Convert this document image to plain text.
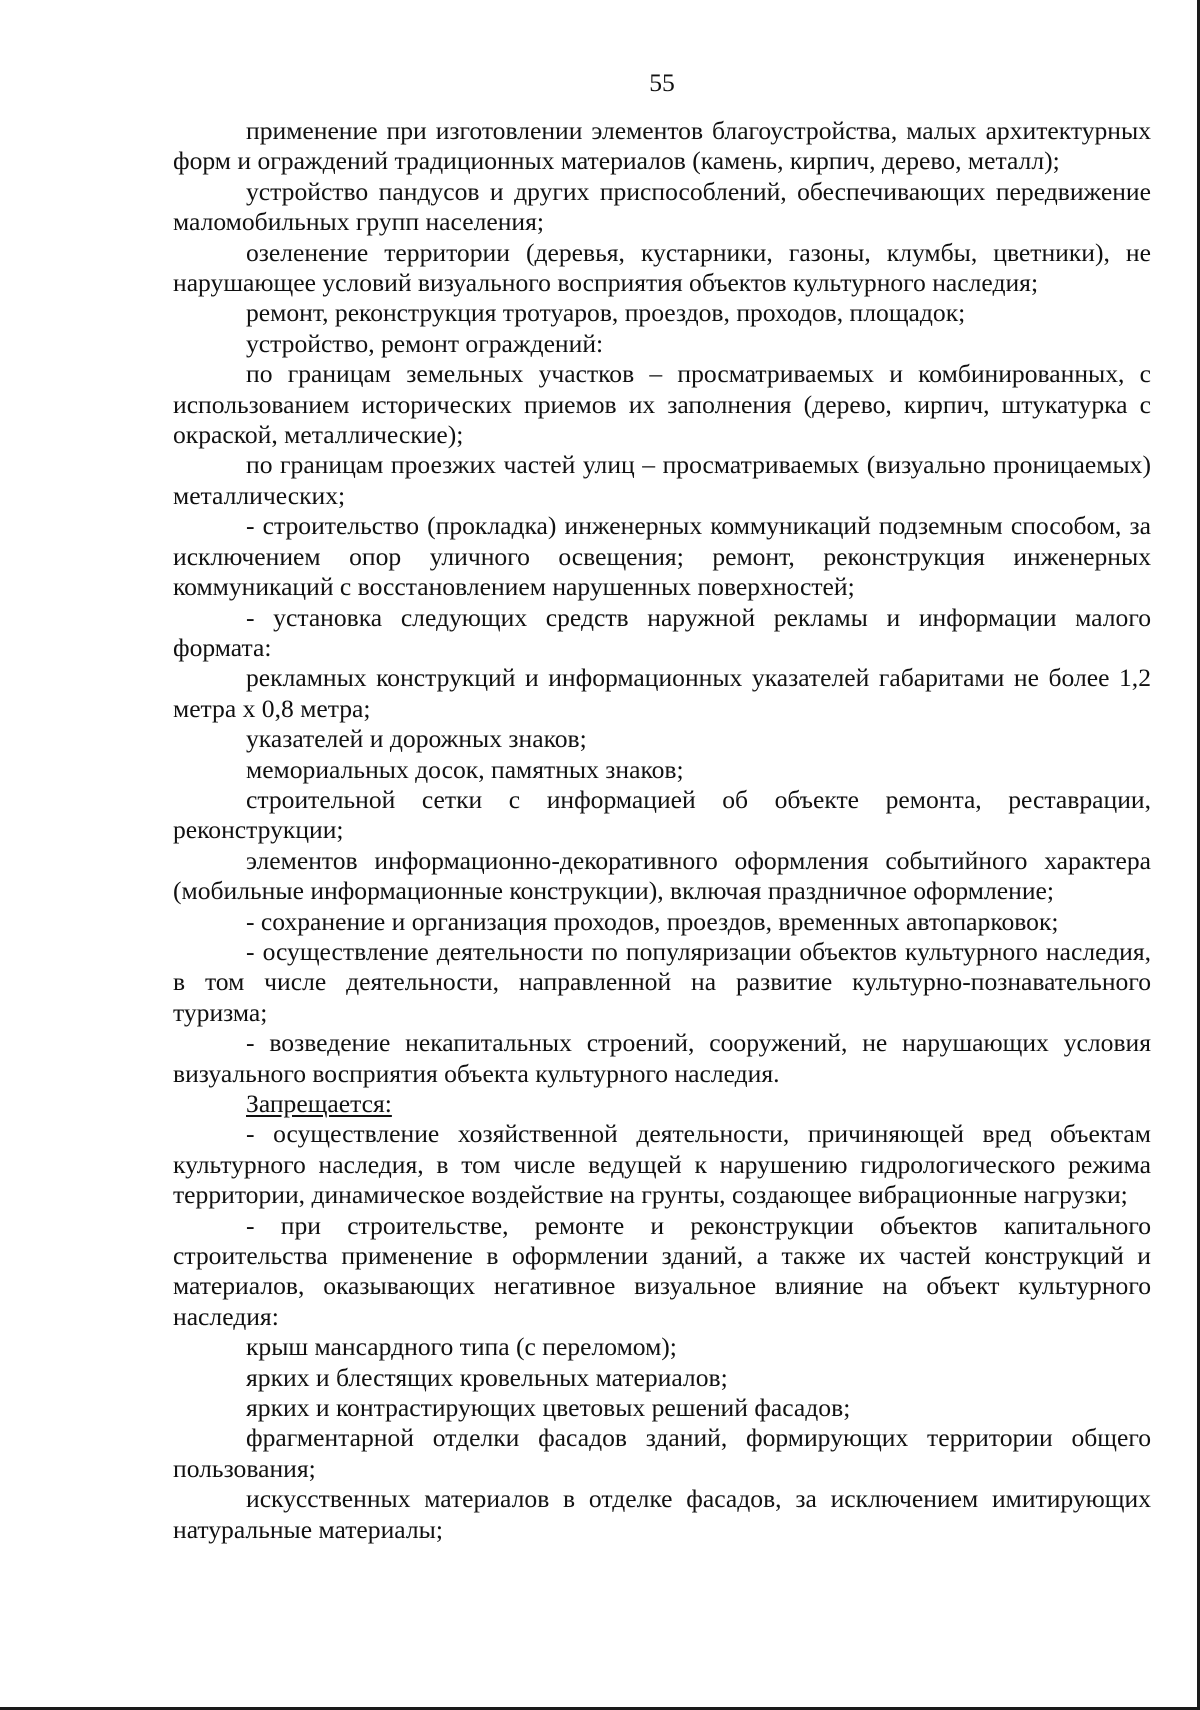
55

применение при изготовлении элементов благоустройства, малых архитектурных форм и ограждений традиционных материалов (камень, кирпич, дерево, металл);

устройство пандусов и других приспособлений, обеспечивающих передвижение маломобильных групп населения;

озеленение территории (деревья, кустарники, газоны, клумбы, цветники), не нарушающее условий визуального восприятия объектов культурного наследия;

ремонт, реконструкция тротуаров, проездов, проходов, площадок;

устройство, ремонт ограждений:

по границам земельных участков – просматриваемых и комбинированных, с использованием исторических приемов их заполнения (дерево, кирпич, штукатурка с окраской, металлические);

по границам проезжих частей улиц – просматриваемых (визуально проницаемых) металлических;

- строительство (прокладка) инженерных коммуникаций подземным способом, за исключением опор уличного освещения; ремонт, реконструкция инженерных коммуникаций с восстановлением нарушенных поверхностей;

- установка следующих средств наружной рекламы и информации малого формата:

рекламных конструкций и информационных указателей габаритами не более 1,2 метра х 0,8 метра;

указателей и дорожных знаков;

мемориальных досок, памятных знаков;

строительной сетки с информацией об объекте ремонта, реставрации, реконструкции;

элементов информационно-декоративного оформления событийного характера (мобильные информационные конструкции), включая праздничное оформление;

- сохранение и организация проходов, проездов, временных автопарковок;

- осуществление деятельности по популяризации объектов культурного наследия, в том числе деятельности, направленной на развитие культурно-познавательного туризма;

- возведение некапитальных строений, сооружений, не нарушающих условия визуального восприятия объекта культурного наследия.

Запрещается:

- осуществление хозяйственной деятельности, причиняющей вред объектам культурного наследия, в том числе ведущей к нарушению гидрологического режима территории, динамическое воздействие на грунты, создающее вибрационные нагрузки;

- при строительстве, ремонте и реконструкции объектов капитального строительства применение в оформлении зданий, а также их частей конструкций и материалов, оказывающих негативное визуальное влияние на объект культурного наследия:

крыш мансардного типа (с переломом);

ярких и блестящих кровельных материалов;

ярких и контрастирующих цветовых решений фасадов;

фрагментарной отделки фасадов зданий, формирующих территории общего пользования;

искусственных материалов в отделке фасадов, за исключением имитирующих натуральные материалы;
